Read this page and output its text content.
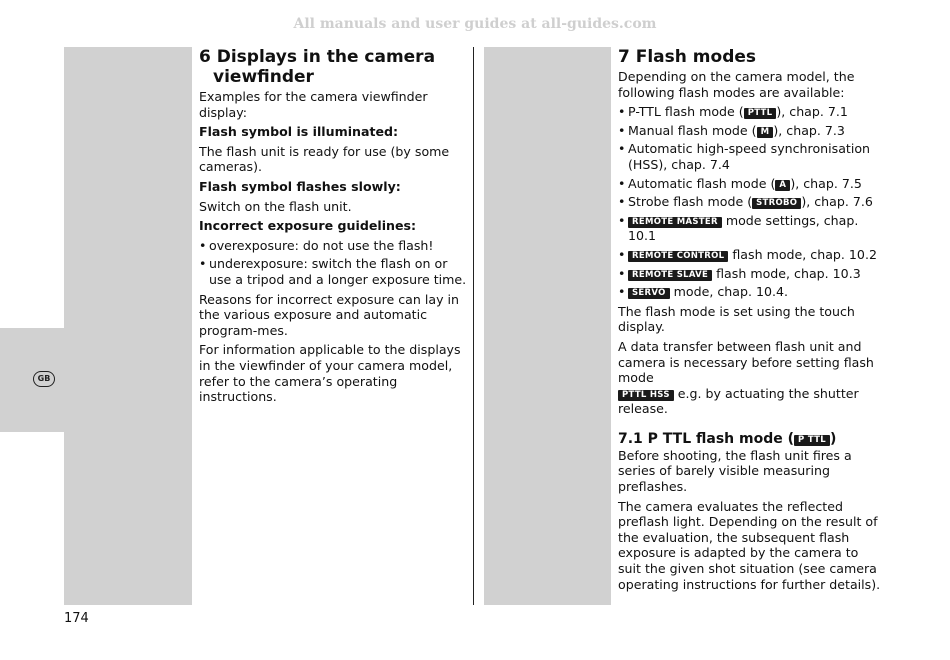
All manuals and user guides at all-guides.com
GB
6 Displays in the camera
viewfinder

Examples for the camera viewfinder display:

Flash symbol is illuminated:

The flash unit is ready for use (by some cameras).

Flash symbol flashes slowly:

Switch on the flash unit.

Incorrect exposure guidelines:
• overexposure: do not use the flash!
• underexposure: switch the flash on or use a tripod and a longer exposure time.

Reasons for incorrect exposure can lay in the various exposure and automatic program-mes.

For information applicable to the displays in the viewfinder of your camera model, refer to the camera’s operating instructions.

7 Flash modes

Depending on the camera model, the following flash modes are available:

• P-TTL flash mode ( PTTL ), chap. 7.1
• Manual flash mode ( M ), chap. 7.3
• Automatic high-speed synchronisation (HSS), chap. 7.4
• Automatic flash mode ( A ), chap. 7.5
• Strobe flash mode ( STROBO ), chap. 7.6
• REMOTE MASTER mode settings, chap. 10.1
• REMOTE CONTROL flash mode, chap. 10.2
• REMOTE SLAVE flash mode, chap. 10.3
• SERVO mode, chap. 10.4.

The flash mode is set using the touch display.

A data transfer between flash unit and camera is necessary before setting flash mode
PTTL HSS e.g. by actuating the shutter release.

7.1 P TTL flash mode ( P TTL )

Before shooting, the flash unit fires a series of barely visible measuring preflashes.

The camera evaluates the reflected preflash light. Depending on the result of the evaluation, the subsequent flash exposure is adapted by the camera to suit the given shot situation (see camera operating instructions for further details).

174
